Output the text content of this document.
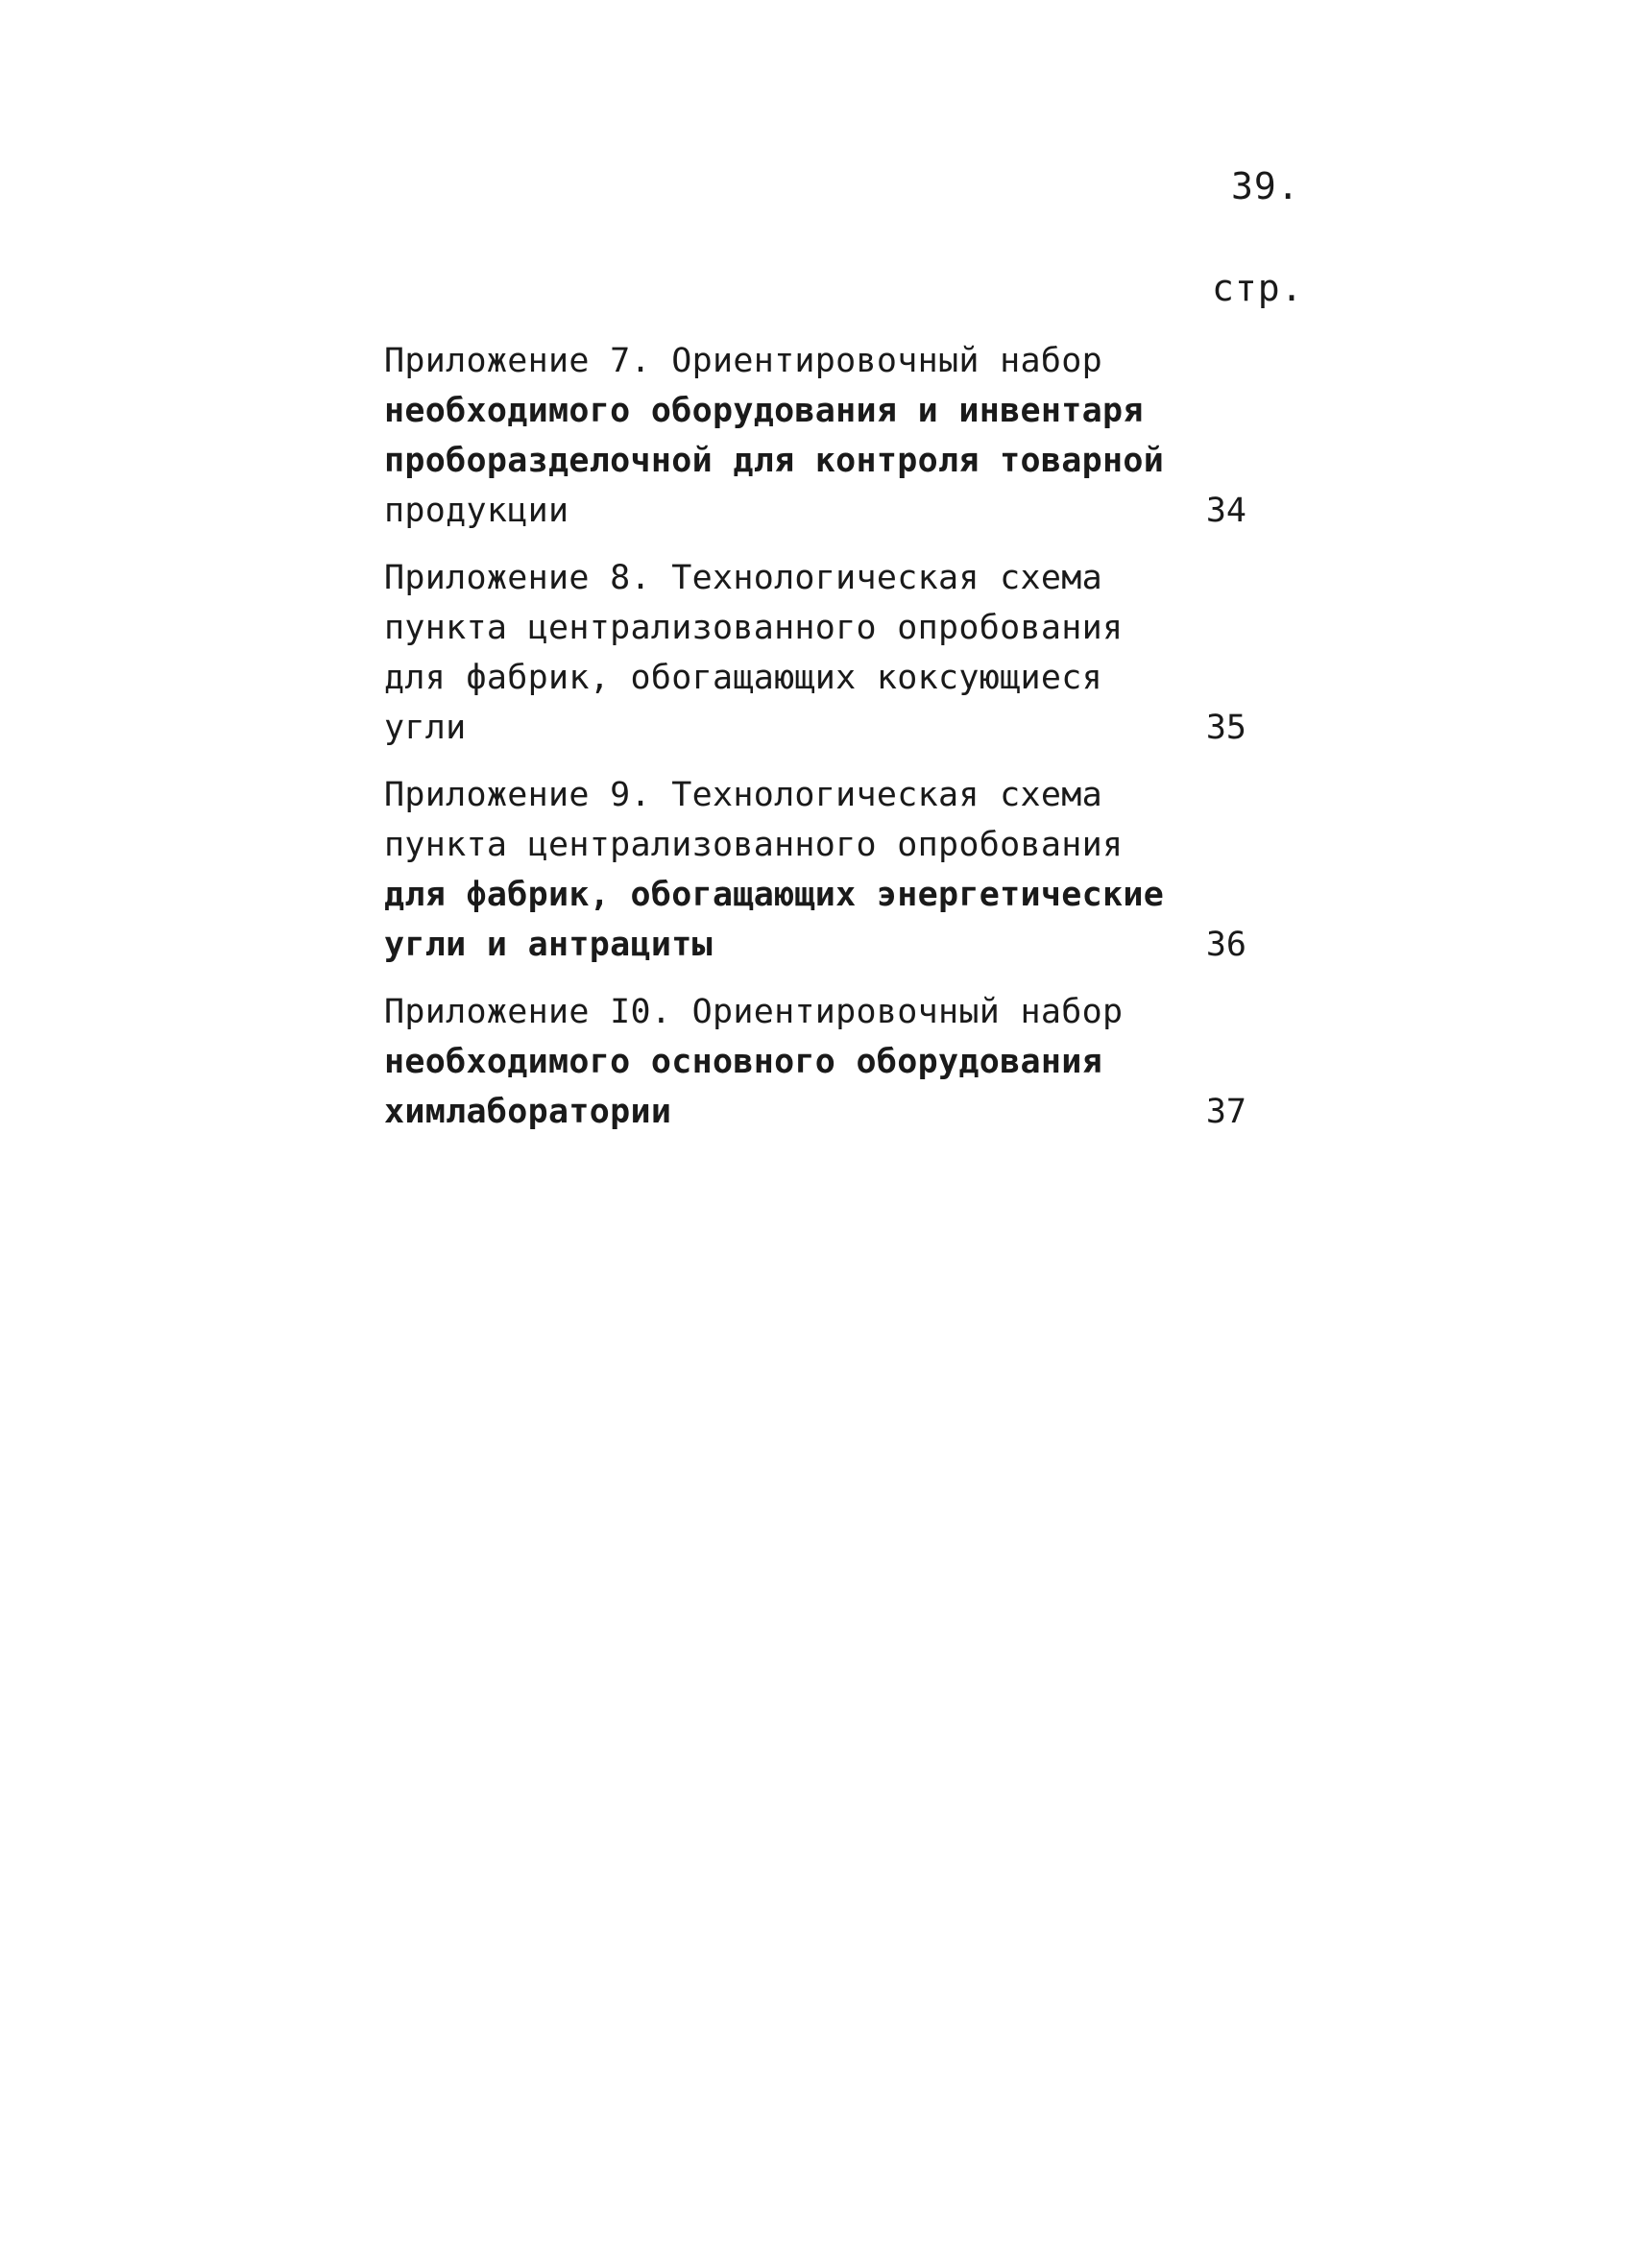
39.
стр.
Приложение 7. Ориентировочный набор
необходимого оборудования и инвентаря
проборазделочной для контроля товарной
продукции	34
Приложение 8. Технологическая схема
пункта централизованного опробования
для фабрик, обогащающих коксующиеся
угли	35
Приложение 9. Технологическая схема
пункта централизованного опробования
для фабрик, обогащающих энергетические
угли и антрациты	36
Приложение I0. Ориентировочный набор
необходимого основного оборудования
химлаборатории	37
